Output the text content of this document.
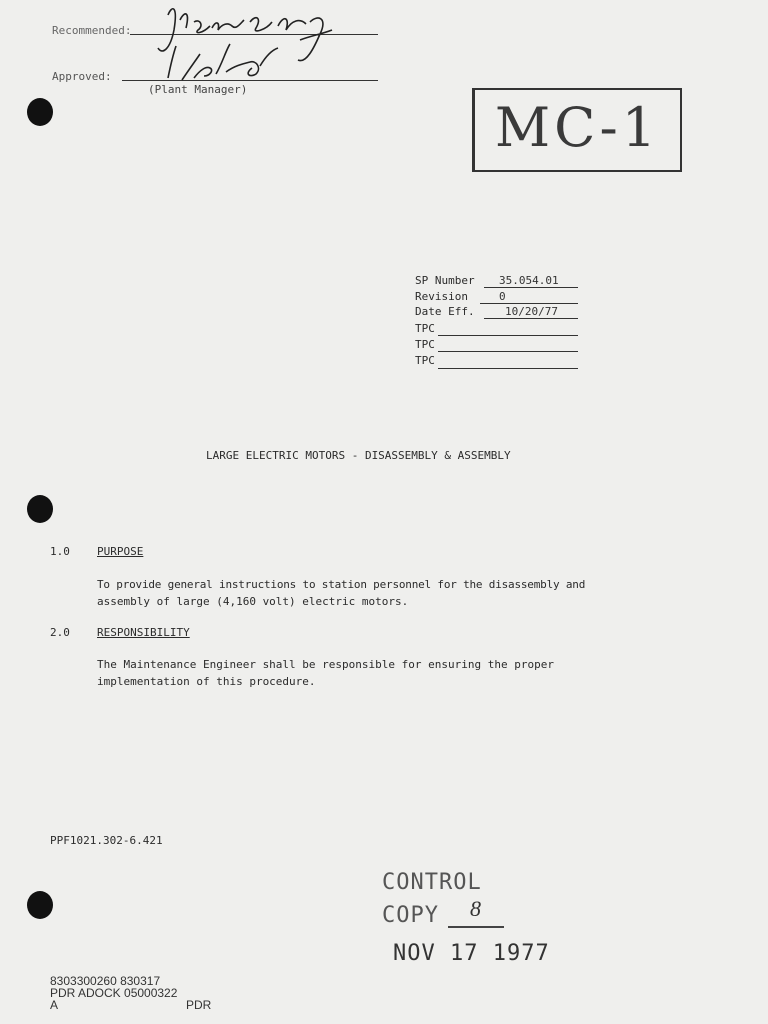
Recommended:
Approved:
(Plant Manager)
MC-1
SP Number 35.054.01
Revision	0
Date Eff.	10/20/77
TPC
TPC
TPC
LARGE ELECTRIC MOTORS - DISASSEMBLY & ASSEMBLY
1.0 PURPOSE
To provide general instructions to station personnel for the disassembly and
assembly of large (4,160 volt) electric motors.
2.0 RESPONSIBILITY
The Maintenance Engineer shall be responsible for ensuring the proper
implementation of this procedure.
PPF1021.302-6.421
CONTROL
COPY 8
NOV 17 1977
8303300260 830317
PDR ADOCK 05000322
A	PDR
